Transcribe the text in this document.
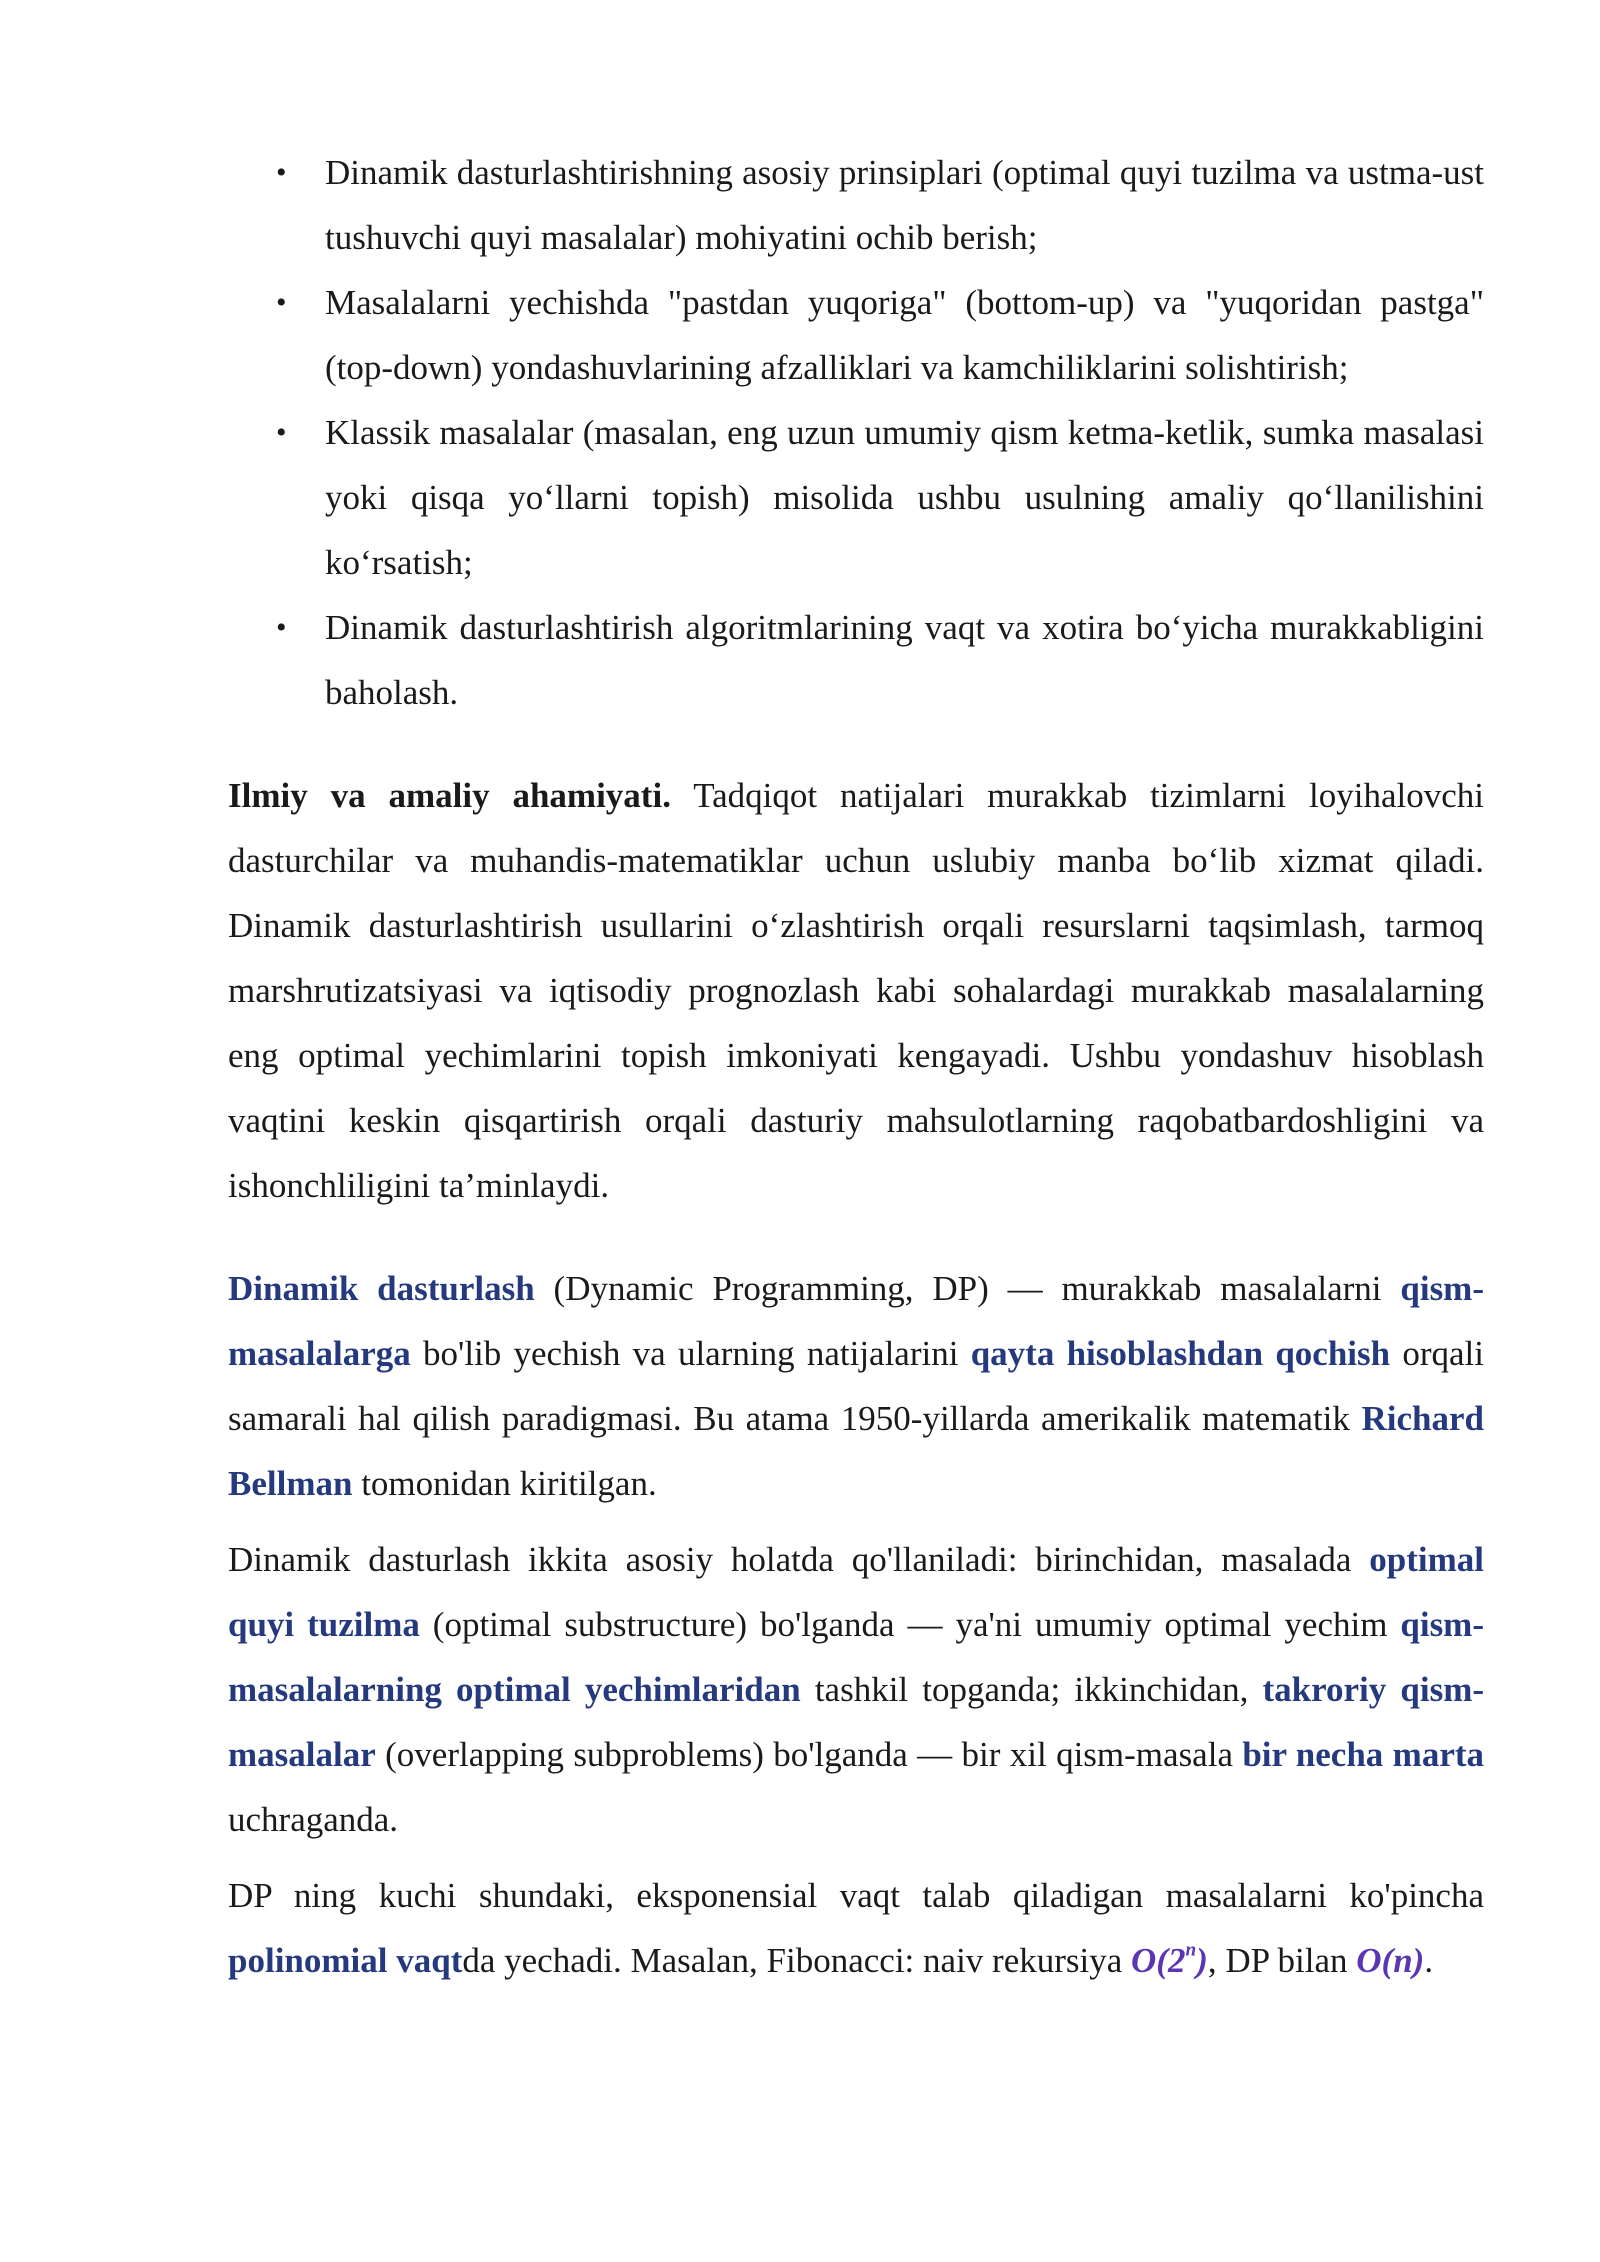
• Dinamik dasturlashtirishning asosiy prinsiplari (optimal quyi tuzilma va ustma-ust tushuvchi quyi masalalar) mohiyatini ochib berish;
• Masalalarni yechishda "pastdan yuqoriga" (bottom-up) va "yuqoridan pastga" (top-down) yondashuvlarining afzalliklari va kamchiliklarini solishtirish;
• Klassik masalalar (masalan, eng uzun umumiy qism ketma-ketlik, sumka masalasi yoki qisqa yo‘llarni topish) misolida ushbu usulning amaliy qo‘llanilishini ko‘rsatish;
• Dinamik dasturlashtirish algoritmlarining vaqt va xotira bo‘yicha murakkabligini baholash.

Ilmiy va amaliy ahamiyati. Tadqiqot natijalari murakkab tizimlarni loyihalovchi dasturchilar va muhandis-matematiklar uchun uslubiy manba bo‘lib xizmat qiladi. Dinamik dasturlashtirish usullarini o‘zlashtirish orqali resurslarni taqsimlash, tarmoq marshrutizatsiyasi va iqtisodiy prognozlash kabi sohalardagi murakkab masalalarning eng optimal yechimlarini topish imkoniyati kengayadi. Ushbu yondashuv hisoblash vaqtini keskin qisqartirish orqali dasturiy mahsulotlarning raqobatbardoshligini va ishonchliligini ta’minlaydi.

Dinamik dasturlash (Dynamic Programming, DP) — murakkab masalalarni qism-masalalarga bo'lib yechish va ularning natijalarini qayta hisoblashdan qochish orqali samarali hal qilish paradigmasi. Bu atama 1950-yillarda amerikalik matematik Richard Bellman tomonidan kiritilgan.

Dinamik dasturlash ikkita asosiy holatda qo'llaniladi: birinchidan, masalada optimal quyi tuzilma (optimal substructure) bo'lganda — ya'ni umumiy optimal yechim qism-masalalarning optimal yechimlaridan tashkil topganda; ikkinchidan, takroriy qism-masalalar (overlapping subproblems) bo'lganda — bir xil qism-masala bir necha marta uchraganda.

DP ning kuchi shundaki, eksponensial vaqt talab qiladigan masalalarni ko'pincha polinomial vaqtda yechadi. Masalan, Fibonacci: naiv rekursiya O(2$^n$), DP bilan O(n).
